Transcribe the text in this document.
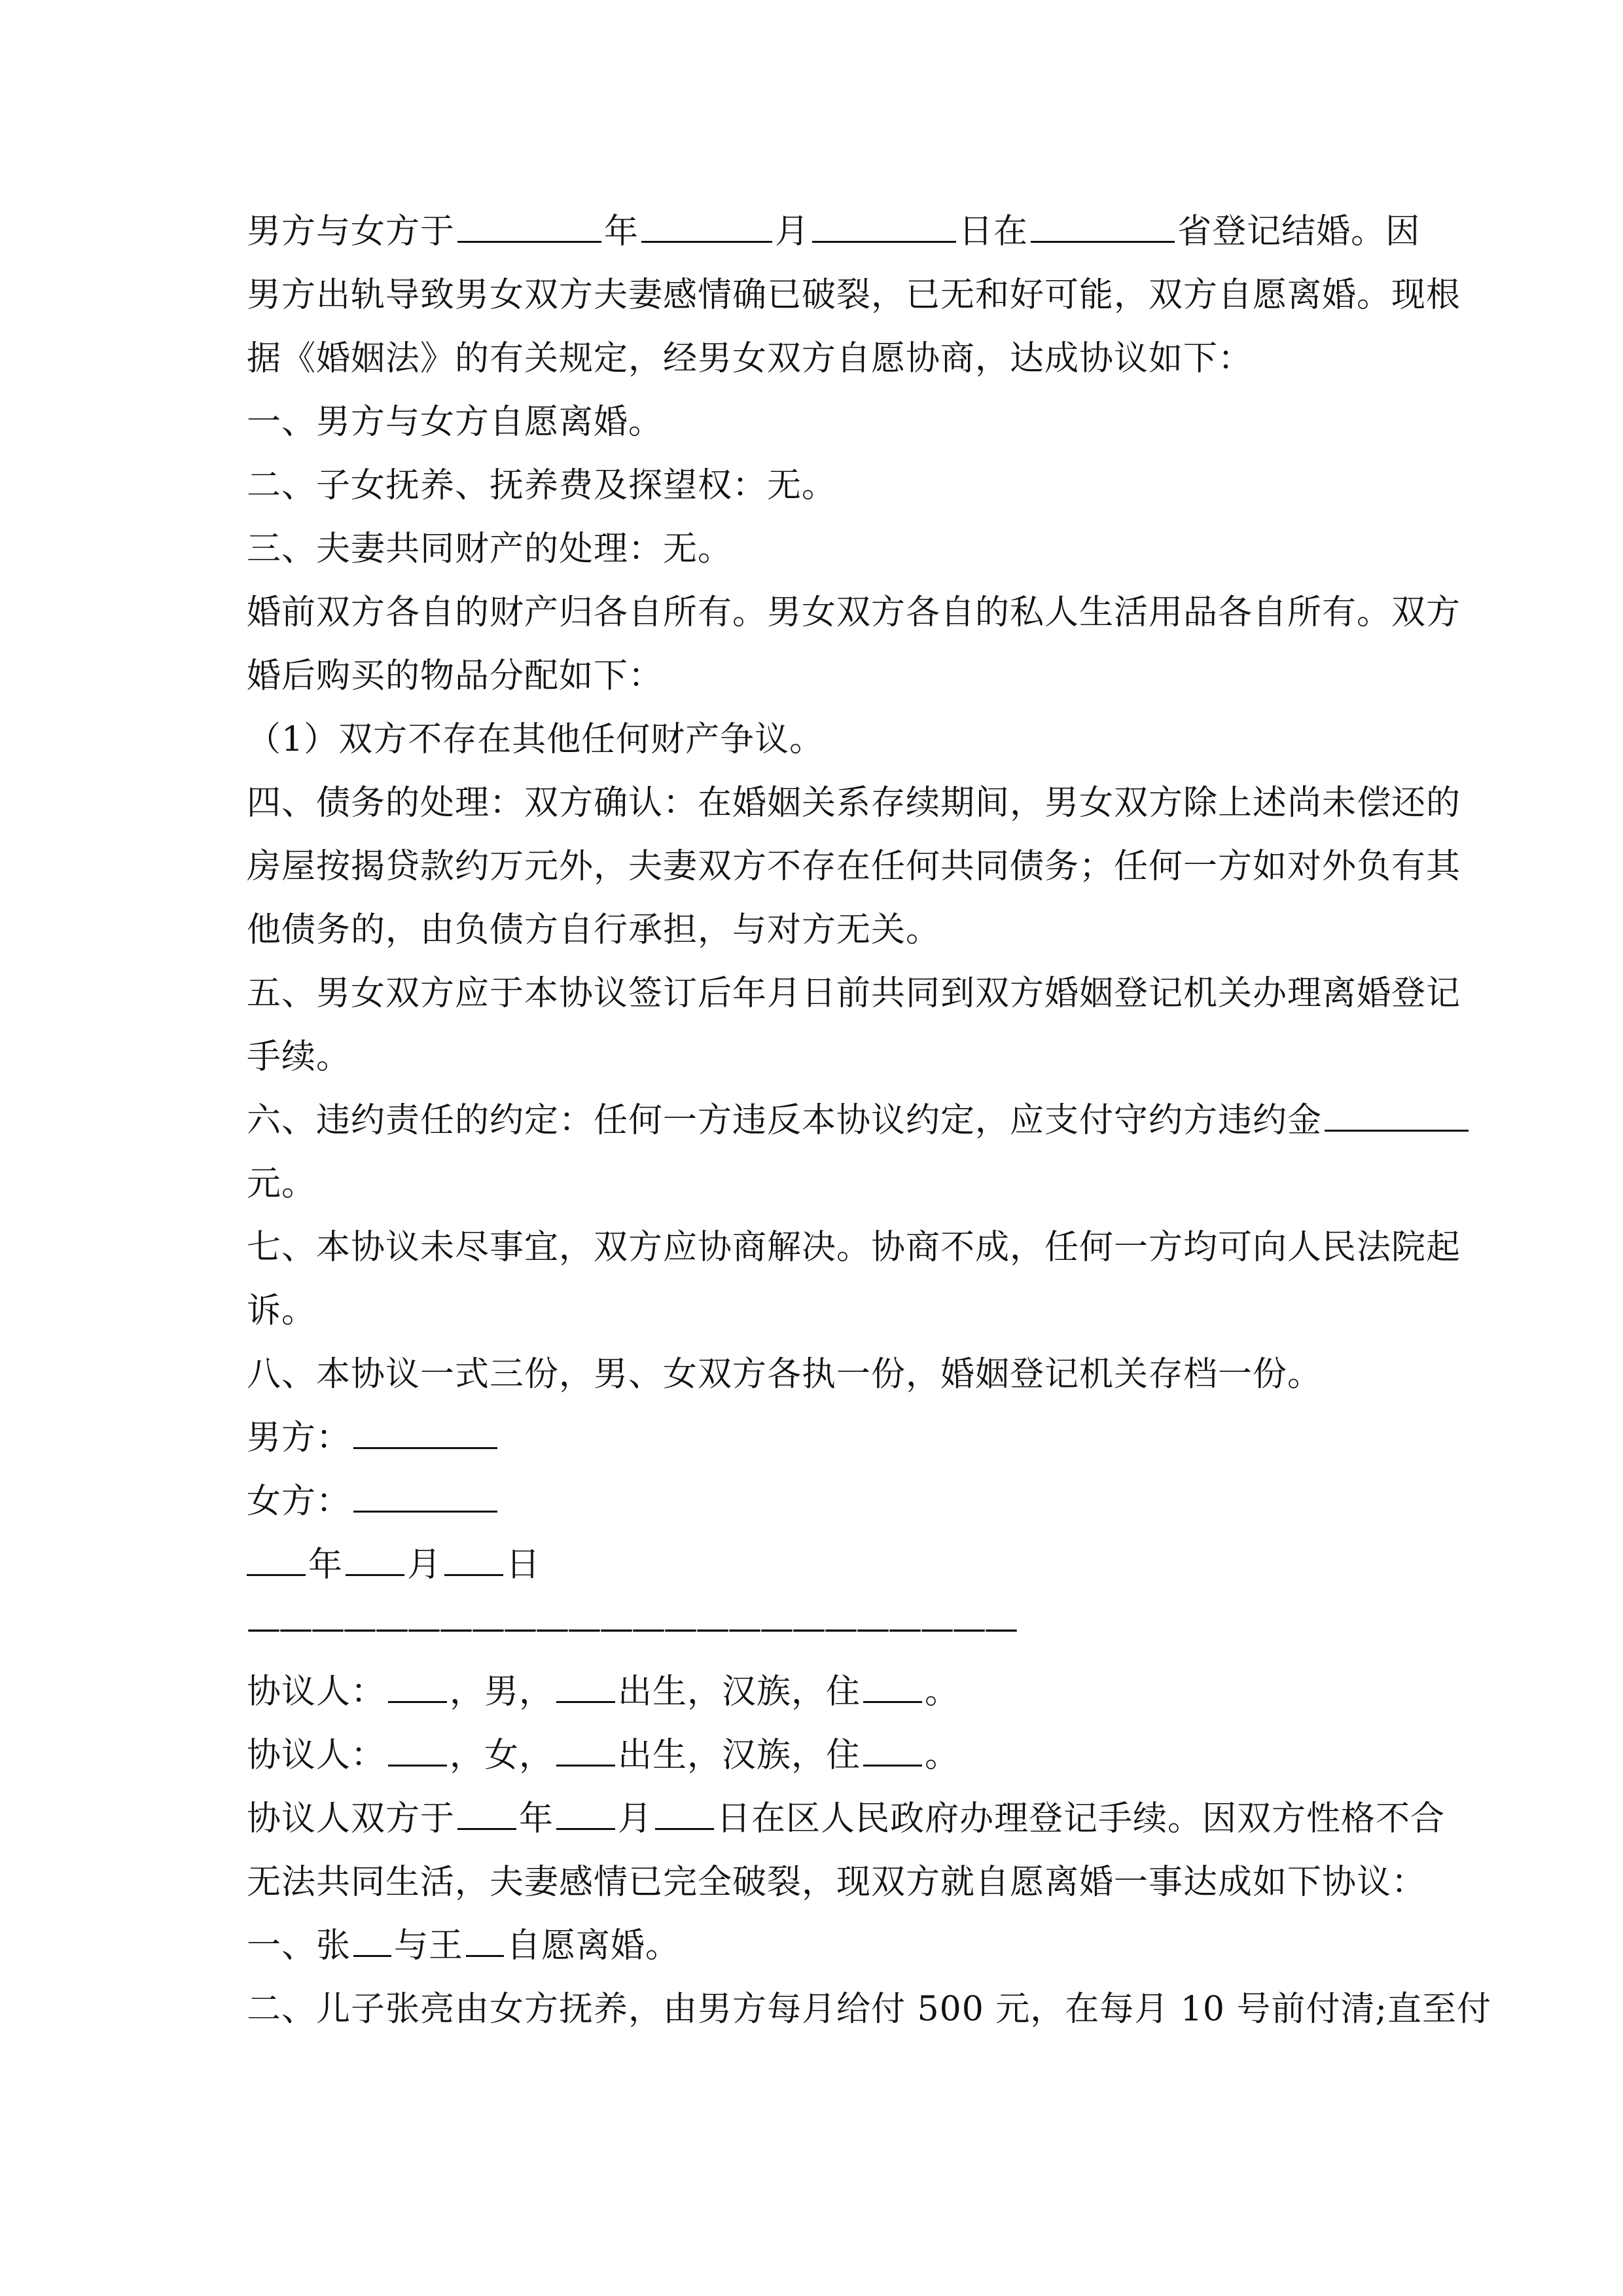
男方与女方于	年	月	日在	省登记结婚。因
男方出轨导致男女双方夫妻感情确已破裂，已无和好可能，双方自愿离婚。现根
据《婚姻法》的有关规定，经男女双方自愿协商，达成协议如下：
一、男方与女方自愿离婚。
二、子女抚养、抚养费及探望权：无。
三、夫妻共同财产的处理：无。
婚前双方各自的财产归各自所有。男女双方各自的私人生活用品各自所有。双方
婚后购买的物品分配如下：
（1）双方不存在其他任何财产争议。
四、债务的处理：双方确认：在婚姻关系存续期间，男女双方除上述尚未偿还的
房屋按揭贷款约万元外，夫妻双方不存在任何共同债务；任何一方如对外负有其
他债务的，由负债方自行承担，与对方无关。
五、男女双方应于本协议签订后年月日前共同到双方婚姻登记机关办理离婚登记
手续。
六、违约责任的约定：任何一方违反本协议约定，应支付守约方违约金
元。
七、本协议未尽事宜，双方应协商解决。协商不成，任何一方均可向人民法院起
诉。
八、本协议一式三份，男、女双方各执一份，婚姻登记机关存档一份。
男方：
女方：
年 月 日
————————————————————————
协议人： ，男， 出生，汉族，住 。
协议人： ，女， 出生，汉族，住 。
协议人双方于 年 月 日在区人民政府办理登记手续。因双方性格不合
无法共同生活，夫妻感情已完全破裂，现双方就自愿离婚一事达成如下协议：
一、张 与王 自愿离婚。
二、儿子张亮由女方抚养，由男方每月给付 500 元，在每月 10 号前付清;直至付
